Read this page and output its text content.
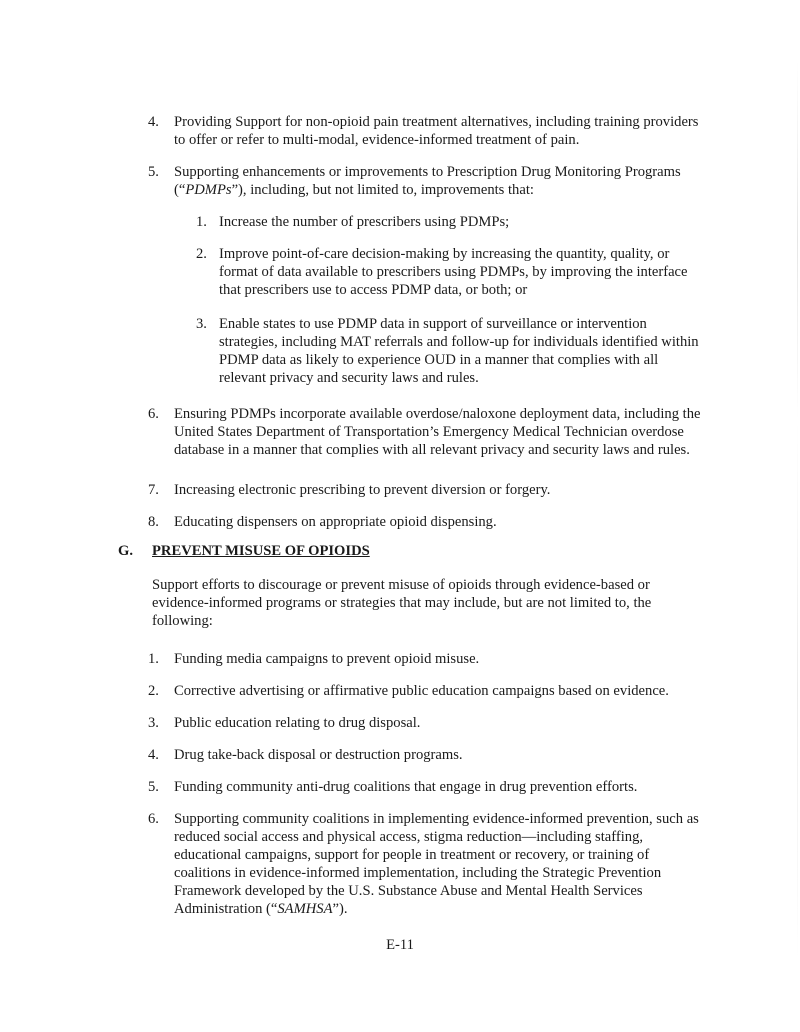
4.	Providing Support for non-opioid pain treatment alternatives, including training providers to offer or refer to multi-modal, evidence-informed treatment of pain.
5.	Supporting enhancements or improvements to Prescription Drug Monitoring Programs (“PDMPs”), including, but not limited to, improvements that:
1. Increase the number of prescribers using PDMPs;
2. Improve point-of-care decision-making by increasing the quantity, quality, or format of data available to prescribers using PDMPs, by improving the interface that prescribers use to access PDMP data, or both; or
3. Enable states to use PDMP data in support of surveillance or intervention strategies, including MAT referrals and follow-up for individuals identified within PDMP data as likely to experience OUD in a manner that complies with all relevant privacy and security laws and rules.
6.	Ensuring PDMPs incorporate available overdose/naloxone deployment data, including the United States Department of Transportation’s Emergency Medical Technician overdose database in a manner that complies with all relevant privacy and security laws and rules.
7.	Increasing electronic prescribing to prevent diversion or forgery.
8.	Educating dispensers on appropriate opioid dispensing.
G. PREVENT MISUSE OF OPIOIDS
Support efforts to discourage or prevent misuse of opioids through evidence-based or evidence-informed programs or strategies that may include, but are not limited to, the following:
1.	Funding media campaigns to prevent opioid misuse.
2.	Corrective advertising or affirmative public education campaigns based on evidence.
3.	Public education relating to drug disposal.
4.	Drug take-back disposal or destruction programs.
5.	Funding community anti-drug coalitions that engage in drug prevention efforts.
6.	Supporting community coalitions in implementing evidence-informed prevention, such as reduced social access and physical access, stigma reduction—including staffing, educational campaigns, support for people in treatment or recovery, or training of coalitions in evidence-informed implementation, including the Strategic Prevention Framework developed by the U.S. Substance Abuse and Mental Health Services Administration (“SAMHSA”).
E-11
